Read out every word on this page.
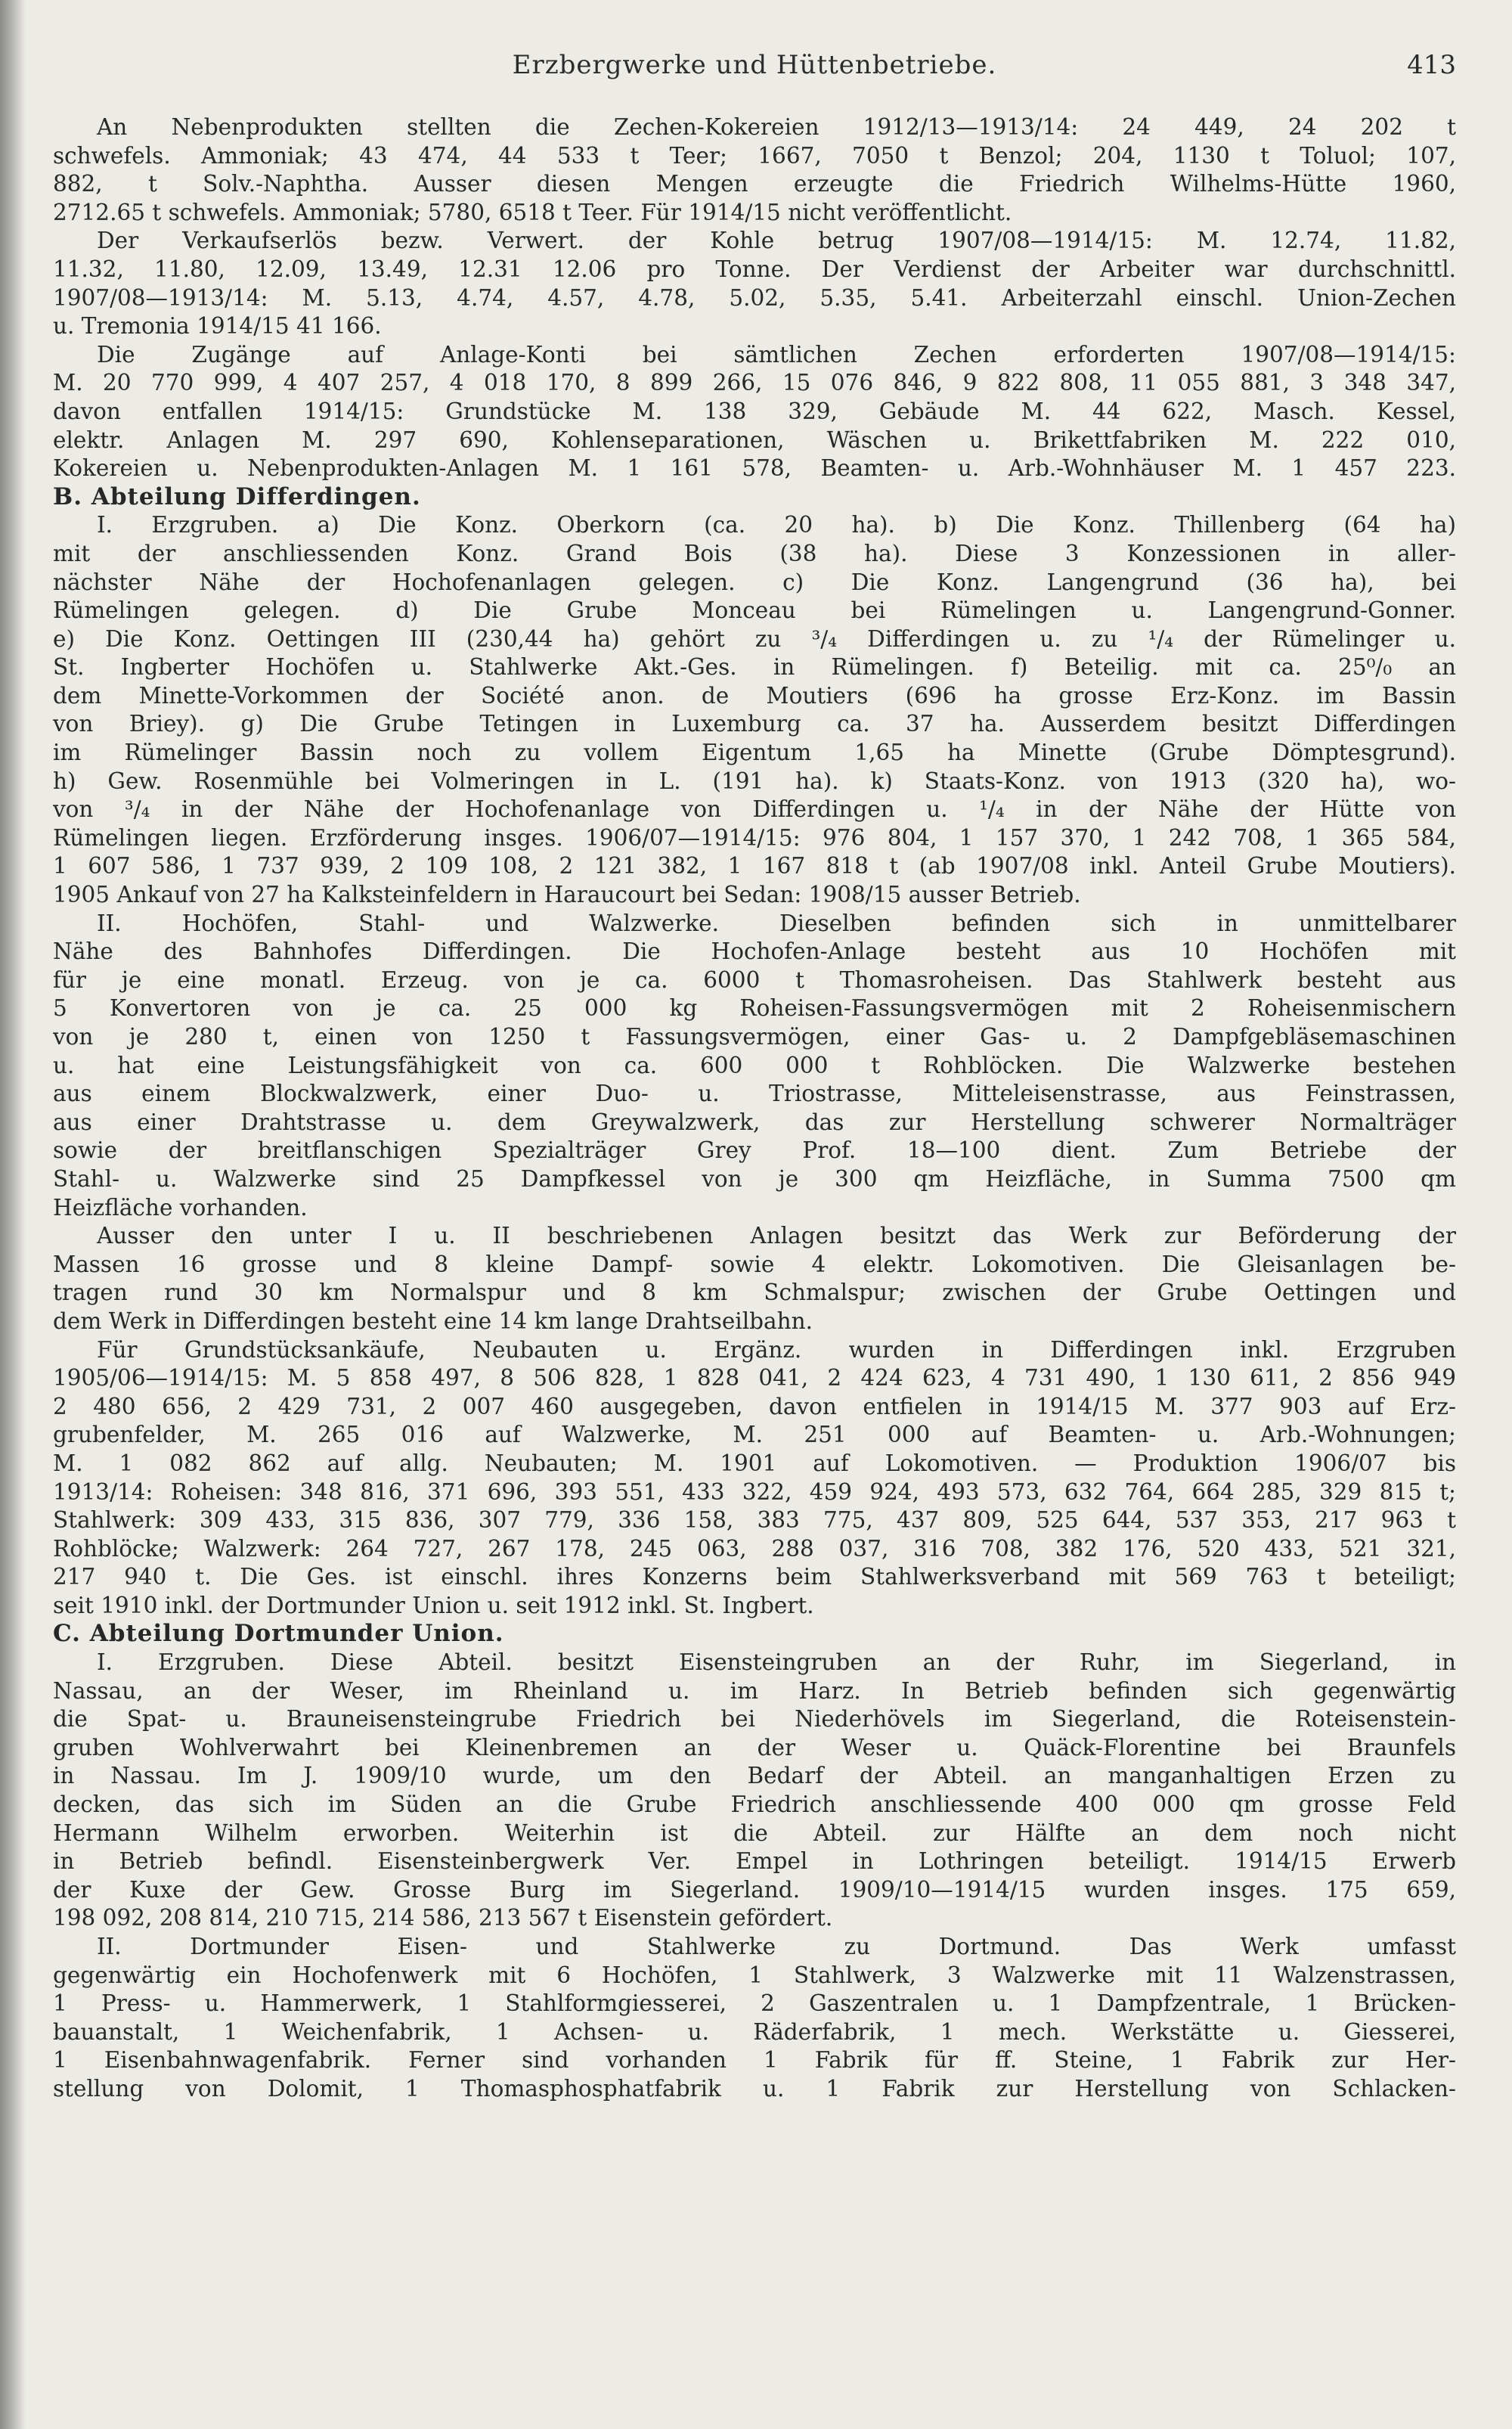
Erzbergwerke und Hüttenbetriebe.	413
An Nebenprodukten stellten die Zechen-Kokereien 1912/13—1913/14: 24 449, 24 202 t
schwefels. Ammoniak; 43 474, 44 533 t Teer; 1667, 7050 t Benzol; 204, 1130 t Toluol; 107,
882, t Solv.-Naphtha. Ausser diesen Mengen erzeugte die Friedrich Wilhelms-Hütte 1960,
2712.65 t schwefels. Ammoniak; 5780, 6518 t Teer. Für 1914/15 nicht veröffentlicht.
Der Verkaufserlös bezw. Verwert. der Kohle betrug 1907/08—1914/15: M. 12.74, 11.82,
11.32, 11.80, 12.09, 13.49, 12.31 12.06 pro Tonne. Der Verdienst der Arbeiter war durchschnittl.
1907/08—1913/14: M. 5.13, 4.74, 4.57, 4.78, 5.02, 5.35, 5.41. Arbeiterzahl einschl. Union-Zechen
u. Tremonia 1914/15 41 166.
Die Zugänge auf Anlage-Konti bei sämtlichen Zechen erforderten 1907/08—1914/15:
M. 20 770 999, 4 407 257, 4 018 170, 8 899 266, 15 076 846, 9 822 808, 11 055 881, 3 348 347,
davon entfallen 1914/15: Grundstücke M. 138 329, Gebäude M. 44 622, Masch. Kessel,
elektr. Anlagen M. 297 690, Kohlenseparationen, Wäschen u. Brikettfabriken M. 222 010,
Kokereien u. Nebenprodukten-Anlagen M. 1 161 578, Beamten- u. Arb.-Wohnhäuser M. 1 457 223.
B. Abteilung Differdingen.
I. Erzgruben. a) Die Konz. Oberkorn (ca. 20 ha). b) Die Konz. Thillenberg (64 ha)
mit der anschliessenden Konz. Grand Bois (38 ha). Diese 3 Konzessionen in aller-
nächster Nähe der Hochofenanlagen gelegen. c) Die Konz. Langengrund (36 ha), bei
Rümelingen gelegen. d) Die Grube Monceau bei Rümelingen u. Langengrund-Gonner.
e) Die Konz. Oettingen III (230,44 ha) gehört zu ³/₄ Differdingen u. zu ¹/₄ der Rümelinger u.
St. Ingberter Hochöfen u. Stahlwerke Akt.-Ges. in Rümelingen. f) Beteilig. mit ca. 25⁰/₀ an
dem Minette-Vorkommen der Société anon. de Moutiers (696 ha grosse Erz-Konz. im Bassin
von Briey). g) Die Grube Tetingen in Luxemburg ca. 37 ha. Ausserdem besitzt Differdingen
im Rümelinger Bassin noch zu vollem Eigentum 1,65 ha Minette (Grube Dömptesgrund).
h) Gew. Rosenmühle bei Volmeringen in L. (191 ha). k) Staats-Konz. von 1913 (320 ha), wo-
von ³/₄ in der Nähe der Hochofenanlage von Differdingen u. ¹/₄ in der Nähe der Hütte von
Rümelingen liegen. Erzförderung insges. 1906/07—1914/15: 976 804, 1 157 370, 1 242 708, 1 365 584,
1 607 586, 1 737 939, 2 109 108, 2 121 382, 1 167 818 t (ab 1907/08 inkl. Anteil Grube Moutiers).
1905 Ankauf von 27 ha Kalksteinfeldern in Haraucourt bei Sedan: 1908/15 ausser Betrieb.
II. Hochöfen, Stahl- und Walzwerke. Dieselben befinden sich in unmittelbarer
Nähe des Bahnhofes Differdingen. Die Hochofen-Anlage besteht aus 10 Hochöfen mit
für je eine monatl. Erzeug. von je ca. 6000 t Thomasroheisen. Das Stahlwerk besteht aus
5 Konvertoren von je ca. 25 000 kg Roheisen-Fassungsvermögen mit 2 Roheisenmischern
von je 280 t, einen von 1250 t Fassungsvermögen, einer Gas- u. 2 Dampfgebläsemaschinen
u. hat eine Leistungsfähigkeit von ca. 600 000 t Rohblöcken. Die Walzwerke bestehen
aus einem Blockwalzwerk, einer Duo- u. Triostrasse, Mitteleisenstrasse, aus Feinstrassen,
aus einer Drahtstrasse u. dem Greywalzwerk, das zur Herstellung schwerer Normalträger
sowie der breitflanschigen Spezialträger Grey Prof. 18—100 dient. Zum Betriebe der
Stahl- u. Walzwerke sind 25 Dampfkessel von je 300 qm Heizfläche, in Summa 7500 qm
Heizfläche vorhanden.
Ausser den unter I u. II beschriebenen Anlagen besitzt das Werk zur Beförderung der
Massen 16 grosse und 8 kleine Dampf- sowie 4 elektr. Lokomotiven. Die Gleisanlagen be-
tragen rund 30 km Normalspur und 8 km Schmalspur; zwischen der Grube Oettingen und
dem Werk in Differdingen besteht eine 14 km lange Drahtseilbahn.
Für Grundstücksankäufe, Neubauten u. Ergänz. wurden in Differdingen inkl. Erzgruben
1905/06—1914/15: M. 5 858 497, 8 506 828, 1 828 041, 2 424 623, 4 731 490, 1 130 611, 2 856 949
2 480 656, 2 429 731, 2 007 460 ausgegeben, davon entfielen in 1914/15 M. 377 903 auf Erz-
grubenfelder, M. 265 016 auf Walzwerke, M. 251 000 auf Beamten- u. Arb.-Wohnungen;
M. 1 082 862 auf allg. Neubauten; M. 1901 auf Lokomotiven. — Produktion 1906/07 bis
1913/14: Roheisen: 348 816, 371 696, 393 551, 433 322, 459 924, 493 573, 632 764, 664 285, 329 815 t;
Stahlwerk: 309 433, 315 836, 307 779, 336 158, 383 775, 437 809, 525 644, 537 353, 217 963 t
Rohblöcke; Walzwerk: 264 727, 267 178, 245 063, 288 037, 316 708, 382 176, 520 433, 521 321,
217 940 t. Die Ges. ist einschl. ihres Konzerns beim Stahlwerksverband mit 569 763 t beteiligt;
seit 1910 inkl. der Dortmunder Union u. seit 1912 inkl. St. Ingbert.
C. Abteilung Dortmunder Union.
I. Erzgruben. Diese Abteil. besitzt Eisensteingruben an der Ruhr, im Siegerland, in
Nassau, an der Weser, im Rheinland u. im Harz. In Betrieb befinden sich gegenwärtig
die Spat- u. Brauneisensteingrube Friedrich bei Niederhövels im Siegerland, die Roteisenstein-
gruben Wohlverwahrt bei Kleinenbremen an der Weser u. Quäck-Florentine bei Braunfels
in Nassau. Im J. 1909/10 wurde, um den Bedarf der Abteil. an manganhaltigen Erzen zu
decken, das sich im Süden an die Grube Friedrich anschliessende 400 000 qm grosse Feld
Hermann Wilhelm erworben. Weiterhin ist die Abteil. zur Hälfte an dem noch nicht
in Betrieb befindl. Eisensteinbergwerk Ver. Empel in Lothringen beteiligt. 1914/15 Erwerb
der Kuxe der Gew. Grosse Burg im Siegerland. 1909/10—1914/15 wurden insges. 175 659,
198 092, 208 814, 210 715, 214 586, 213 567 t Eisenstein gefördert.
II. Dortmunder Eisen- und Stahlwerke zu Dortmund. Das Werk umfasst
gegenwärtig ein Hochofenwerk mit 6 Hochöfen, 1 Stahlwerk, 3 Walzwerke mit 11 Walzenstrassen,
1 Press- u. Hammerwerk, 1 Stahlformgiesserei, 2 Gaszentralen u. 1 Dampfzentrale, 1 Brücken-
bauanstalt, 1 Weichenfabrik, 1 Achsen- u. Räderfabrik, 1 mech. Werkstätte u. Giesserei,
1 Eisenbahnwagenfabrik. Ferner sind vorhanden 1 Fabrik für ff. Steine, 1 Fabrik zur Her-
stellung von Dolomit, 1 Thomasphosphatfabrik u. 1 Fabrik zur Herstellung von Schlacken-
